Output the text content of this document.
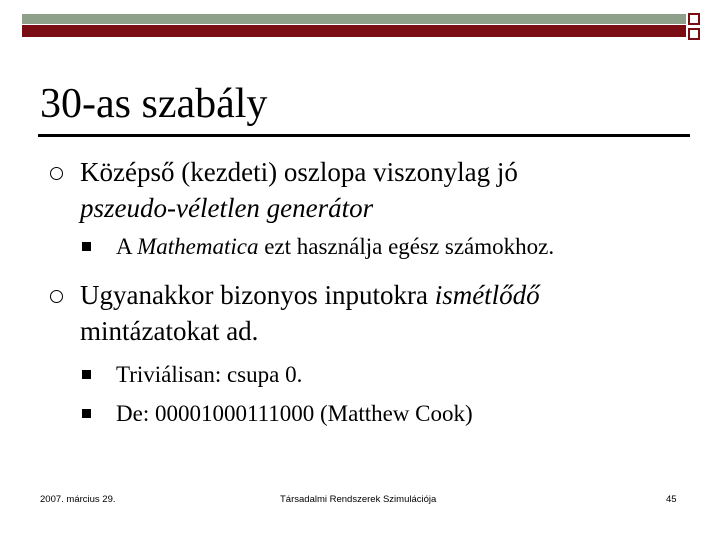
30-as szabály
Középső (kezdeti) oszlopa viszonylag jó
pszeudo-véletlen generátor
A Mathematica ezt használja egész számokhoz.
Ugyanakkor bizonyos inputokra ismétlődő
mintázatokat ad.
Triviálisan: csupa 0.
De: 00001000111000 (Matthew Cook)
2007. március 29.	Társadalmi Rendszerek Szimulációja	45
